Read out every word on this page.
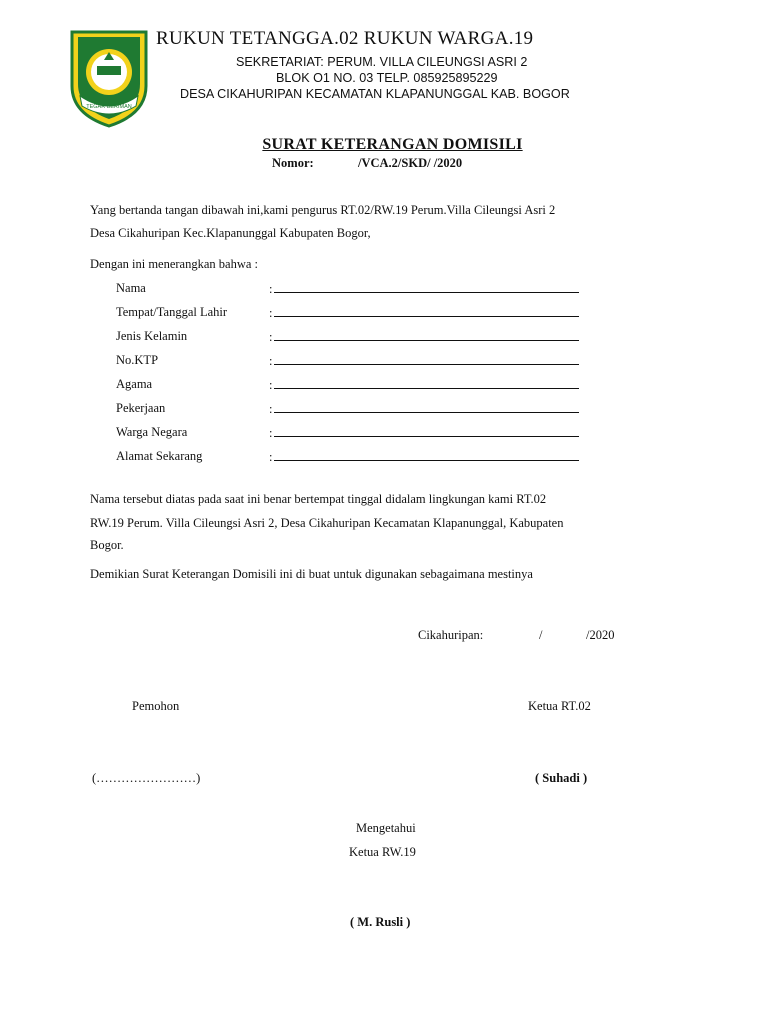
TEGAR BERIMAN
RUKUN TETANGGA.02 RUKUN WARGA.19
SEKRETARIAT: PERUM. VILLA CILEUNGSI ASRI 2
BLOK O1 NO. 03 TELP. 085925895229
DESA CIKAHURIPAN KECAMATAN KLAPANUNGGAL KAB. BOGOR
SURAT KETERANGAN DOMISILI
Nomor:	/VCA.2/SKD/ /2020
Yang bertanda tangan dibawah ini,kami pengurus RT.02/RW.19 Perum.Villa Cileungsi Asri 2
Desa Cikahuripan Kec.Klapanunggal Kabupaten Bogor,
Dengan ini menerangkan bahwa :
Nama	:
Tempat/Tanggal Lahir	:
Jenis Kelamin	:
No.KTP	:
Agama	:
Pekerjaan	:
Warga Negara	:
Alamat Sekarang	:
Nama tersebut diatas pada saat ini benar bertempat tinggal didalam lingkungan kami RT.02
RW.19 Perum. Villa Cileungsi Asri 2, Desa Cikahuripan Kecamatan Klapanunggal, Kabupaten
Bogor.
Demikian Surat Keterangan Domisili ini di buat untuk digunakan sebagaimana mestinya
Cikahuripan:	/	/2020
Pemohon	Ketua RT.02
(……………………)	( Suhadi )
Mengetahui
Ketua RW.19
( M. Rusli )
